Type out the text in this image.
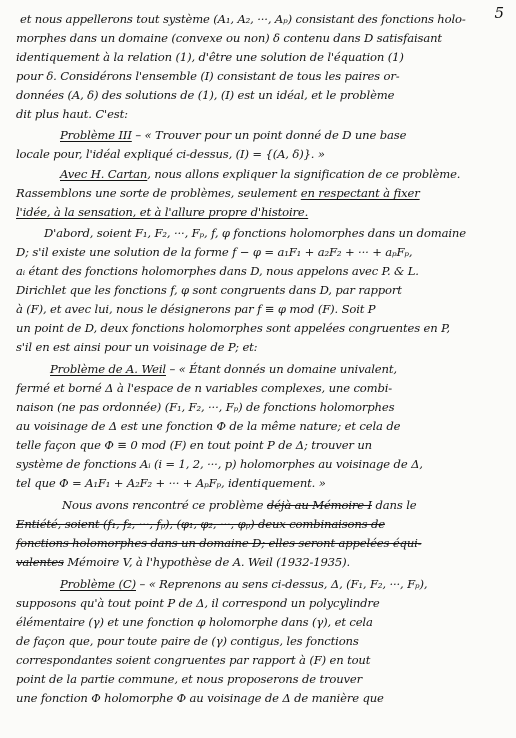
5
et nous appellerons tout système (A₁, A₂, ···, Aₚ) consistant des fonctions holo-
morphes dans un domaine (convexe ou non) δ contenu dans D satisfaisant
identiquement à la relation (1), d'être une solution de l'équation (1)
pour δ. Considérons l'ensemble (I) consistant de tous les paires or-
données (A, δ) des solutions de (1), (I) est un idéal, et le problème
dit plus haut. C'est:
Problème III – « Trouver pour un point donné de D une base
locale pour, l'idéal expliqué ci-dessus, (I) = {(A, δ)}. »
Avec H. Cartan, nous allons expliquer la signification de ce problème.
Rassemblons une sorte de problèmes, seulement en respectant à fixer
l'idée, à la sensation, et à l'allure propre d'histoire.
D'abord, soient F₁, F₂, ···, Fₚ, f, φ fonctions holomorphes dans un domaine
D; s'il existe une solution de la forme f − φ = a₁F₁ + a₂F₂ + ··· + aₚFₚ,
aᵢ étant des fonctions holomorphes dans D, nous appelons avec P. & L.
Dirichlet que les fonctions f, φ sont congruents dans D, par rapport
à (F), et avec lui, nous le désignerons par f ≡ φ mod (F). Soit P
un point de D, deux fonctions holomorphes sont appelées congruentes en P,
s'il en est ainsi pour un voisinage de P; et:
Problème de A. Weil – « Étant donnés un domaine univalent,
fermé et borné Δ à l'espace de n variables complexes, une combi-
naison (ne pas ordonnée) (F₁, F₂, ···, Fₚ) de fonctions holomorphes
au voisinage de Δ est une fonction Φ de la même nature; et cela de
telle façon que Φ ≡ 0 mod (F) en tout point P de Δ; trouver un
système de fonctions Aᵢ (i = 1, 2, ···, p) holomorphes au voisinage de Δ,
tel que Φ = A₁F₁ + A₂F₂ + ··· + AₚFₚ, identiquement. »
Nous avons rencontré ce problème déjà au Mémoire I dans le
Entiété, soient (f₁, f₂, ···, fₚ), (φ₁, φ₂, ···, φₚ) deux combinaisons de
fonctions holomorphes dans un domaine D; elles seront appelées équi-
valentes Mémoire V, à l'hypothèse de A. Weil (1932-1935).
Problème (C) – « Reprenons au sens ci-dessus, Δ, (F₁, F₂, ···, Fₚ),
supposons qu'à tout point P de Δ, il correspond un polycylindre
élémentaire (γ) et une fonction φ holomorphe dans (γ), et cela
de façon que, pour toute paire de (γ) contigus, les fonctions
correspondantes soient congruentes par rapport à (F) en tout
point de la partie commune, et nous proposerons de trouver
une fonction Φ holomorphe Φ au voisinage de Δ de manière que
